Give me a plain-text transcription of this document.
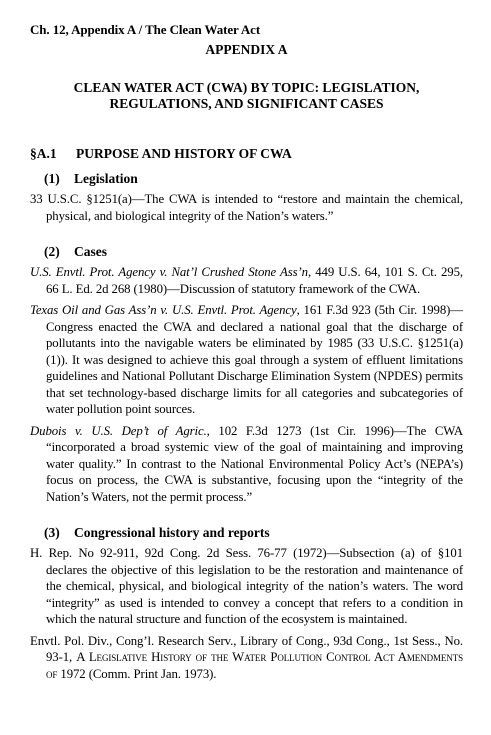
Ch. 12, Appendix A / The Clean Water Act

APPENDIX A

CLEAN WATER ACT (CWA) BY TOPIC: LEGISLATION,
REGULATIONS, AND SIGNIFICANT CASES
§A.1 PURPOSE AND HISTORY OF CWA
(1) Legislation

33 U.S.C. §1251(a)—The CWA is intended to “restore and maintain the chemical, physical, and biological integrity of the Nation’s waters.”

(2) Cases

U.S. Envtl. Prot. Agency v. Nat’l Crushed Stone Ass’n, 449 U.S. 64, 101 S. Ct. 295, 66 L. Ed. 2d 268 (1980)—Discussion of statutory framework of the CWA.

Texas Oil and Gas Ass’n v. U.S. Envtl. Prot. Agency, 161 F.3d 923 (5th Cir. 1998)—Congress enacted the CWA and declared a national goal that the discharge of pollutants into the navigable waters be eliminated by 1985 (33 U.S.C. §1251(a)(1)). It was designed to achieve this goal through a system of effluent limitations guidelines and National Pollutant Discharge Elimination System (NPDES) permits that set technology-based discharge limits for all categories and subcategories of water pollution point sources.

Dubois v. U.S. Dep’t of Agric., 102 F.3d 1273 (1st Cir. 1996)—The CWA “incorporated a broad systemic view of the goal of maintaining and improving water quality.” In contrast to the National Environmental Policy Act’s (NEPA’s) focus on process, the CWA is substantive, focusing upon the “integrity of the Nation’s Waters, not the permit process.”

(3) Congressional history and reports

H. Rep. No 92-911, 92d Cong. 2d Sess. 76-77 (1972)—Subsection (a) of §101 declares the objective of this legislation to be the restoration and maintenance of the chemical, physical, and biological integrity of the nation’s waters. The word “integrity” as used is intended to convey a concept that refers to a condition in which the natural structure and function of the ecosystem is maintained.

Envtl. Pol. Div., Cong’l. Research Serv., Library of Cong., 93d Cong., 1st Sess., No. 93-1, A Legislative History of the Water Pollution Control Act Amendments of 1972 (Comm. Print Jan. 1973).
